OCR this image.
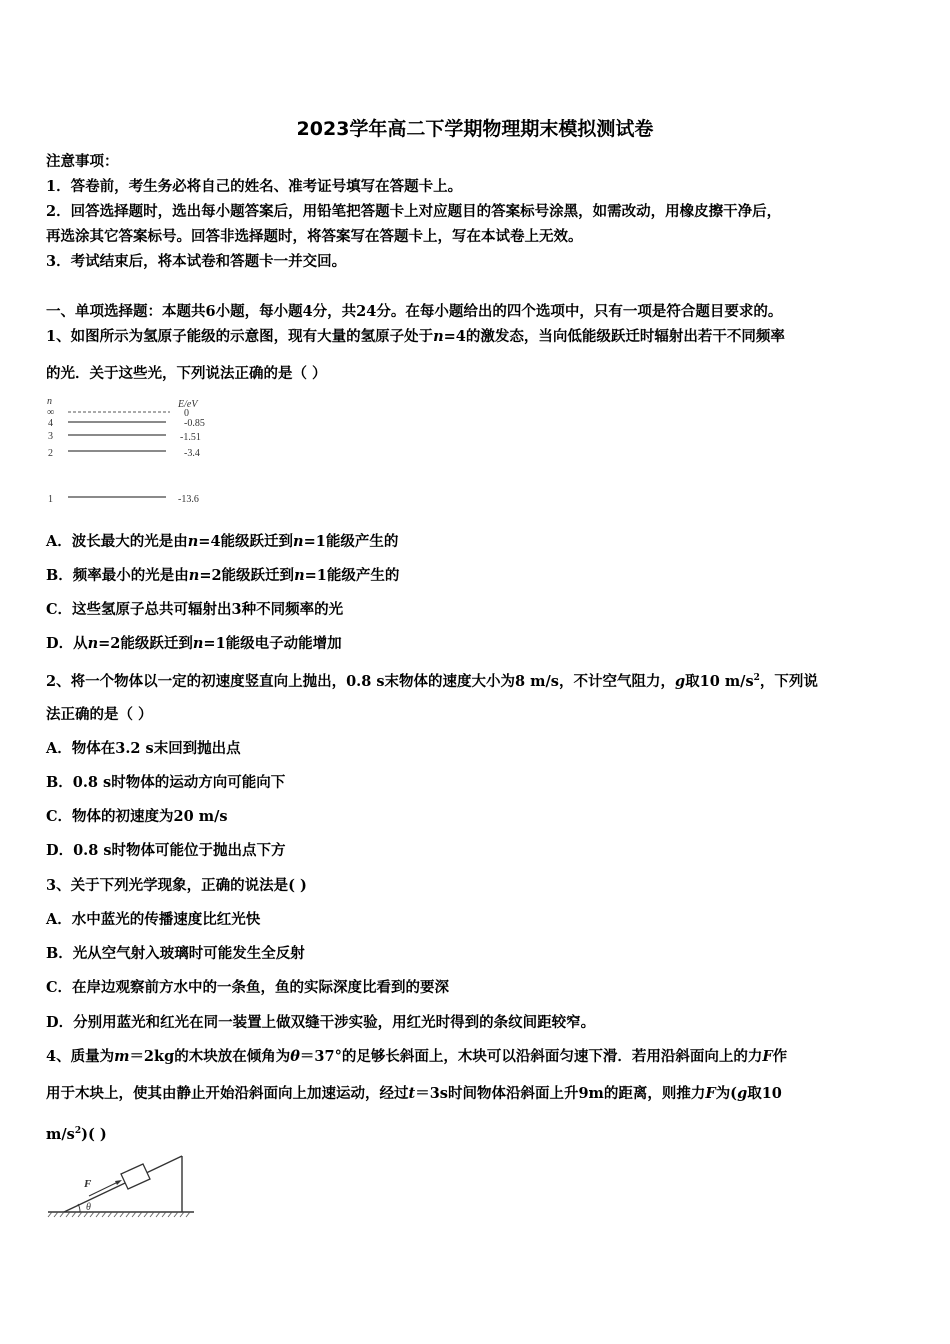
2023学年高二下学期物理期末模拟测试卷
注意事项：
1．答卷前，考生务必将自己的姓名、准考证号填写在答题卡上。
2．回答选择题时，选出每小题答案后，用铅笔把答题卡上对应题目的答案标号涂黑，如需改动，用橡皮擦干净后，
再选涂其它答案标号。回答非选择题时，将答案写在答题卡上，写在本试卷上无效。
3．考试结束后，将本试卷和答题卡一并交回。
一、单项选择题：本题共6小题，每小题4分，共24分。在每小题给出的四个选项中，只有一项是符合题目要求的。
1、如图所示为氢原子能级的示意图，现有大量的氢原子处于n=4的激发态，当向低能级跃迁时辐射出若干不同频率
的光．关于这些光，下列说法正确的是（ ）
n	E/eV
∞	0
4	-0.85
3	-1.51
2	-3.4
1	-13.6
A．波长最大的光是由n=4能级跃迁到n=1能级产生的
B．频率最小的光是由n=2能级跃迁到n=1能级产生的
C．这些氢原子总共可辐射出3种不同频率的光
D．从n=2能级跃迁到n=1能级电子动能增加
2、将一个物体以一定的初速度竖直向上抛出，0.8 s末物体的速度大小为8 m/s，不计空气阻力，g取10 $m/s^2$，下列说
法正确的是（ ）
A．物体在3.2 s末回到抛出点
B．0.8 s时物体的运动方向可能向下
C．物体的初速度为20 m/s
D．0.8 s时物体可能位于抛出点下方
3、关于下列光学现象，正确的说法是( )
A．水中蓝光的传播速度比红光快
B．光从空气射入玻璃时可能发生全反射
C．在岸边观察前方水中的一条鱼，鱼的实际深度比看到的要深
D．分别用蓝光和红光在同一装置上做双缝干涉实验，用红光时得到的条纹间距较窄。
4、质量为m＝2kg的木块放在倾角为θ＝37°的足够长斜面上，木块可以沿斜面匀速下滑．若用沿斜面向上的力F作
用于木块上，使其由静止开始沿斜面向上加速运动，经过t＝3s时间物体沿斜面上升9m的距离，则推力F为(g取10
$m/s^2$)( )
F
θ
